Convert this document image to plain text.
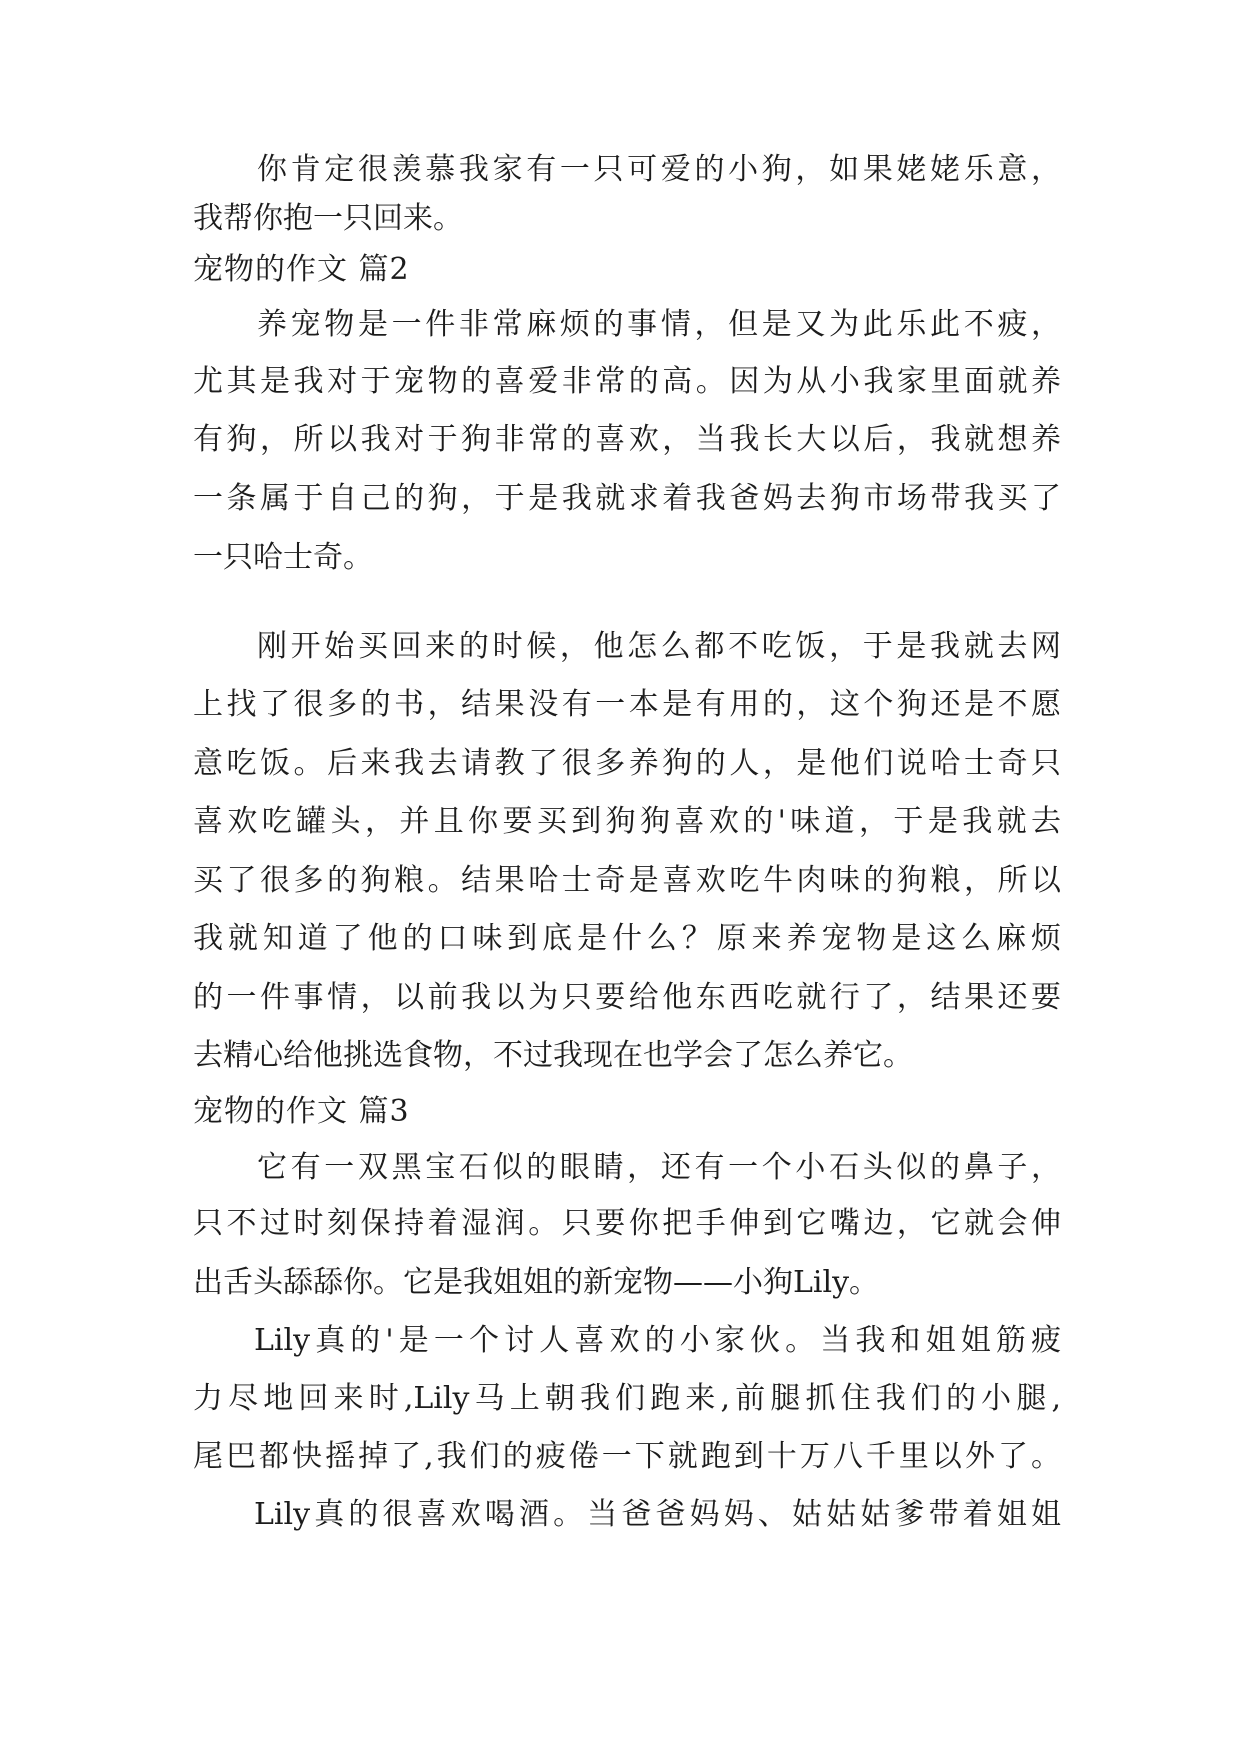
你肯定很羡慕我家有一只可爱的小狗，如果姥姥乐意，
我帮你抱一只回来。
宠物的作文 篇2
养宠物是一件非常麻烦的事情，但是又为此乐此不疲，
尤其是我对于宠物的喜爱非常的高。因为从小我家里面就养
有狗，所以我对于狗非常的喜欢，当我长大以后，我就想养
一条属于自己的狗，于是我就求着我爸妈去狗市场带我买了
一只哈士奇。
刚开始买回来的时候，他怎么都不吃饭，于是我就去网
上找了很多的书，结果没有一本是有用的，这个狗还是不愿
意吃饭。后来我去请教了很多养狗的人，是他们说哈士奇只
喜欢吃罐头，并且你要买到狗狗喜欢的'味道，于是我就去
买了很多的狗粮。结果哈士奇是喜欢吃牛肉味的狗粮，所以
我就知道了他的口味到底是什么？原来养宠物是这么麻烦
的一件事情，以前我以为只要给他东西吃就行了，结果还要
去精心给他挑选食物，不过我现在也学会了怎么养它。
宠物的作文 篇3
它有一双黑宝石似的眼睛，还有一个小石头似的鼻子，
只不过时刻保持着湿润。只要你把手伸到它嘴边，它就会伸
出舌头舔舔你。它是我姐姐的新宠物——小狗Lily。
Lily真的'是一个讨人喜欢的小家伙。当我和姐姐筋疲
力尽地回来时,Lily马上朝我们跑来,前腿抓住我们的小腿,
尾巴都快摇掉了,我们的疲倦一下就跑到十万八千里以外了。
Lily真的很喜欢喝酒。当爸爸妈妈、姑姑姑爹带着姐姐
